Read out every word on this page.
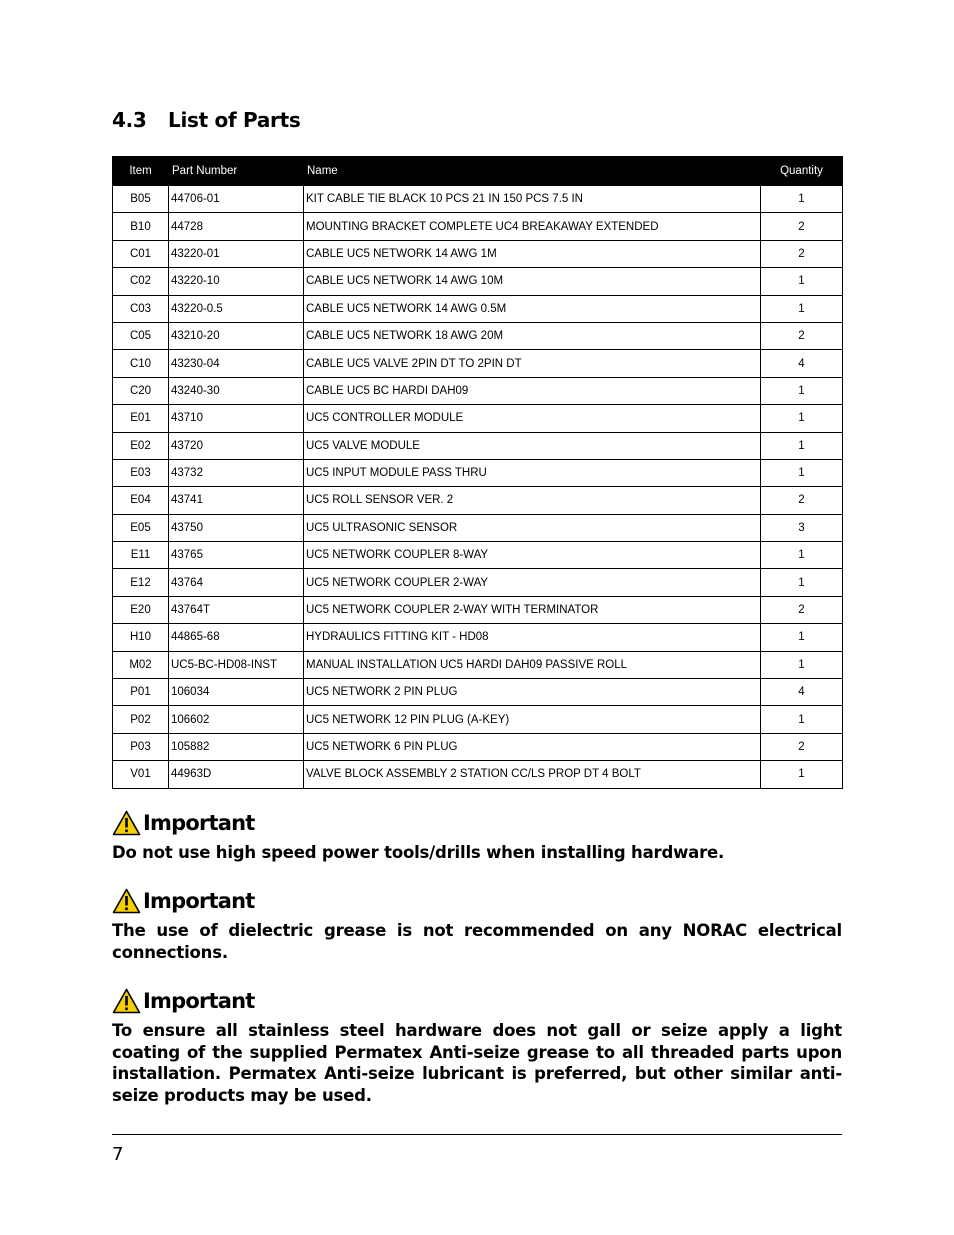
4.3 List of Parts
Item	Part Number	Name	Quantity
B05	44706-01	KIT CABLE TIE BLACK 10 PCS 21 IN 150 PCS 7.5 IN	1
B10	44728	MOUNTING BRACKET COMPLETE UC4 BREAKAWAY EXTENDED	2
C01	43220-01	CABLE UC5 NETWORK 14 AWG 1M	2
C02	43220-10	CABLE UC5 NETWORK 14 AWG 10M	1
C03	43220-0.5	CABLE UC5 NETWORK 14 AWG 0.5M	1
C05	43210-20	CABLE UC5 NETWORK 18 AWG 20M	2
C10	43230-04	CABLE UC5 VALVE 2PIN DT TO 2PIN DT	4
C20	43240-30	CABLE UC5 BC HARDI DAH09	1
E01	43710	UC5 CONTROLLER MODULE	1
E02	43720	UC5 VALVE MODULE	1
E03	43732	UC5 INPUT MODULE PASS THRU	1
E04	43741	UC5 ROLL SENSOR VER. 2	2
E05	43750	UC5 ULTRASONIC SENSOR	3
E11	43765	UC5 NETWORK COUPLER 8-WAY	1
E12	43764	UC5 NETWORK COUPLER 2-WAY	1
E20	43764T	UC5 NETWORK COUPLER 2-WAY WITH TERMINATOR	2
H10	44865-68	HYDRAULICS FITTING KIT - HD08	1
M02	UC5-BC-HD08-INST	MANUAL INSTALLATION UC5 HARDI DAH09 PASSIVE ROLL	1
P01	106034	UC5 NETWORK 2 PIN PLUG	4
P02	106602	UC5 NETWORK 12 PIN PLUG (A-KEY)	1
P03	105882	UC5 NETWORK 6 PIN PLUG	2
V01	44963D	VALVE BLOCK ASSEMBLY 2 STATION CC/LS PROP DT 4 BOLT	1
Important

Do not use high speed power tools/drills when installing hardware.

Important

The use of dielectric grease is not recommended on any NORAC electrical connections.

Important

To ensure all stainless steel hardware does not gall or seize apply a light coating of the supplied Permatex Anti-seize grease to all threaded parts upon installation. Permatex Anti-seize lubricant is preferred, but other similar anti-seize products may be used.

7
